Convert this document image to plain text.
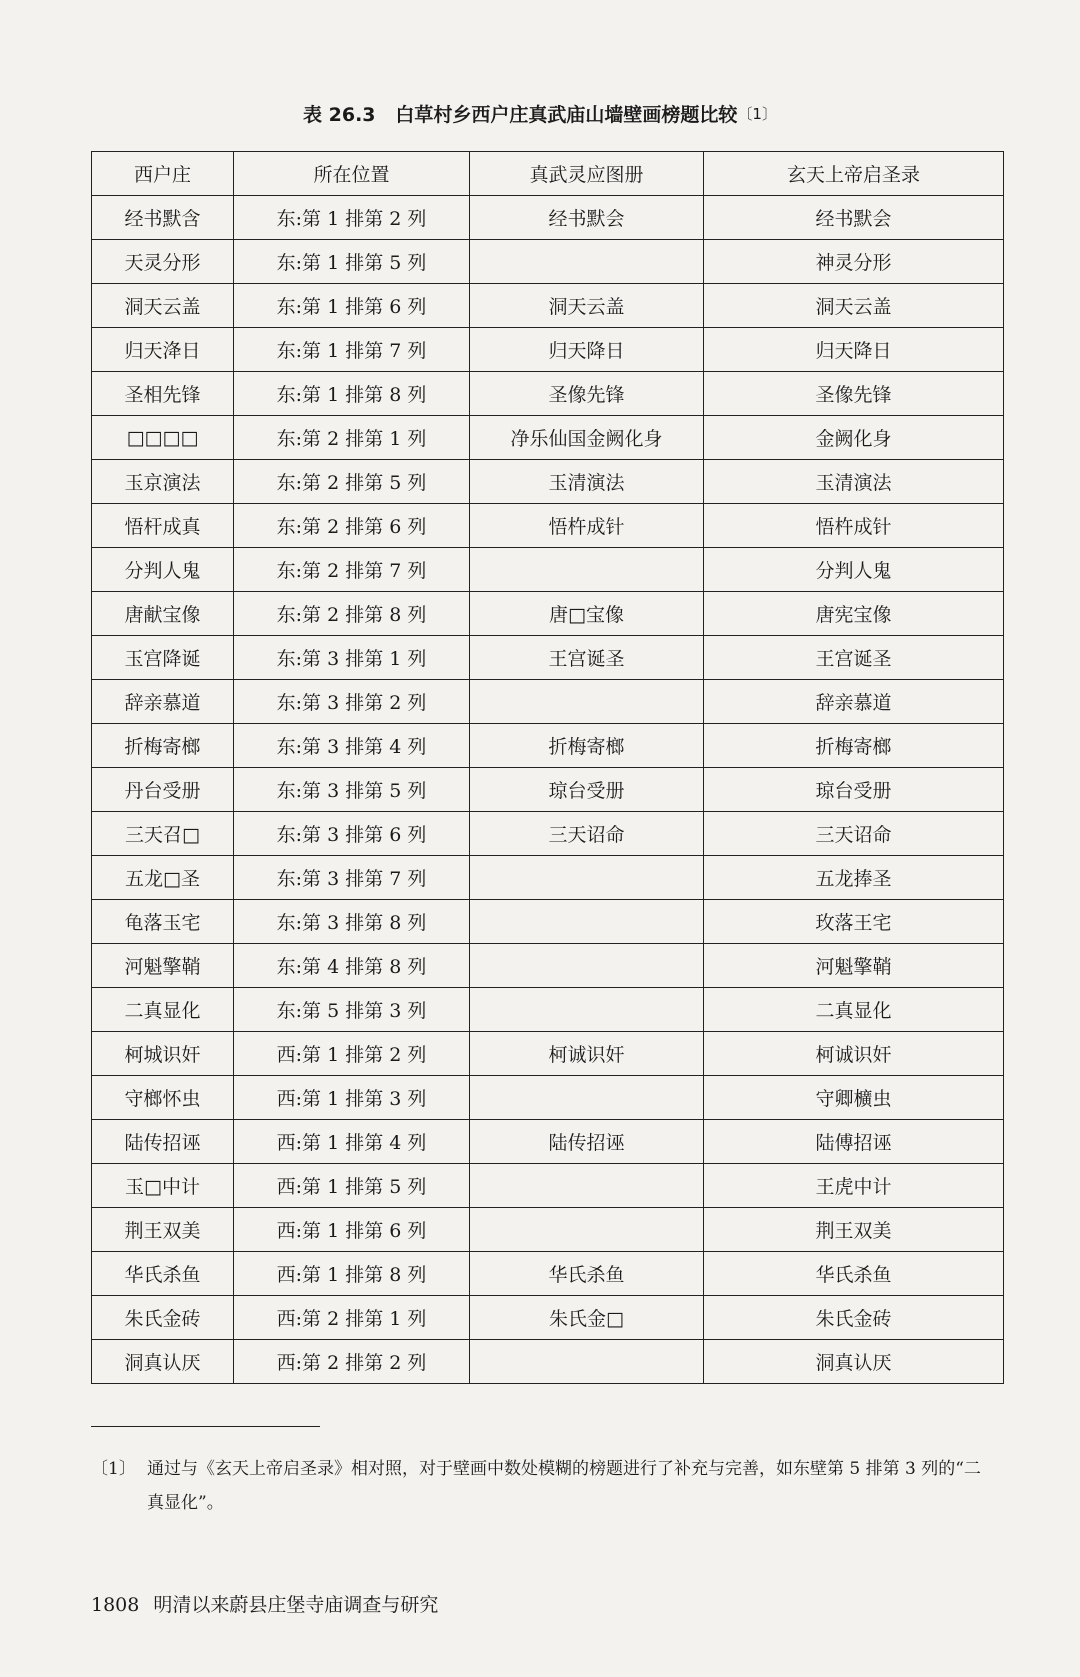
表 26.3 白草村乡西户庄真武庙山墙壁画榜题比较〔1〕
西户庄	所在位置	真武灵应图册	玄天上帝启圣录
经书默含	东:第 1 排第 2 列	经书默会	经书默会
天灵分形	东:第 1 排第 5 列		神灵分形
洞天云盖	东:第 1 排第 6 列	洞天云盖	洞天云盖
归天洚日	东:第 1 排第 7 列	归天降日	归天降日
圣相先锋	东:第 1 排第 8 列	圣像先锋	圣像先锋
□□□□	东:第 2 排第 1 列	净乐仙国金阙化身	金阙化身
玉京演法	东:第 2 排第 5 列	玉清演法	玉清演法
悟杆成真	东:第 2 排第 6 列	悟杵成针	悟杵成针
分判人鬼	东:第 2 排第 7 列		分判人鬼
唐献宝像	东:第 2 排第 8 列	唐□宝像	唐宪宝像
玉宫降诞	东:第 3 排第 1 列	王宫诞圣	王宫诞圣
辞亲慕道	东:第 3 排第 2 列		辞亲慕道
折梅寄榔	东:第 3 排第 4 列	折梅寄榔	折梅寄榔
丹台受册	东:第 3 排第 5 列	琼台受册	琼台受册
三天召□	东:第 3 排第 6 列	三天诏命	三天诏命
五龙□圣	东:第 3 排第 7 列		五龙捧圣
龟落玉宅	东:第 3 排第 8 列		玫落王宅
河魁擎鞘	东:第 4 排第 8 列		河魁擎鞘
二真显化	东:第 5 排第 3 列		二真显化
柯城识奸	西:第 1 排第 2 列	柯诚识奸	柯诚识奸
守榔怀虫	西:第 1 排第 3 列		守卿櫎虫
陆传招诬	西:第 1 排第 4 列	陆传招诬	陆傅招诬
玉□中计	西:第 1 排第 5 列		王虎中计
荆王双美	西:第 1 排第 6 列		荆王双美
华氏杀鱼	西:第 1 排第 8 列	华氏杀鱼	华氏杀鱼
朱氏金砖	西:第 2 排第 1 列	朱氏金□	朱氏金砖
洞真认厌	西:第 2 排第 2 列		洞真认厌
〔1〕 通过与《玄天上帝启圣录》相对照，对于壁画中数处模糊的榜题进行了补充与完善，如东壁第 5 排第 3 列的“二
真显化”。
1808 明清以来蔚县庄堡寺庙调查与研究
